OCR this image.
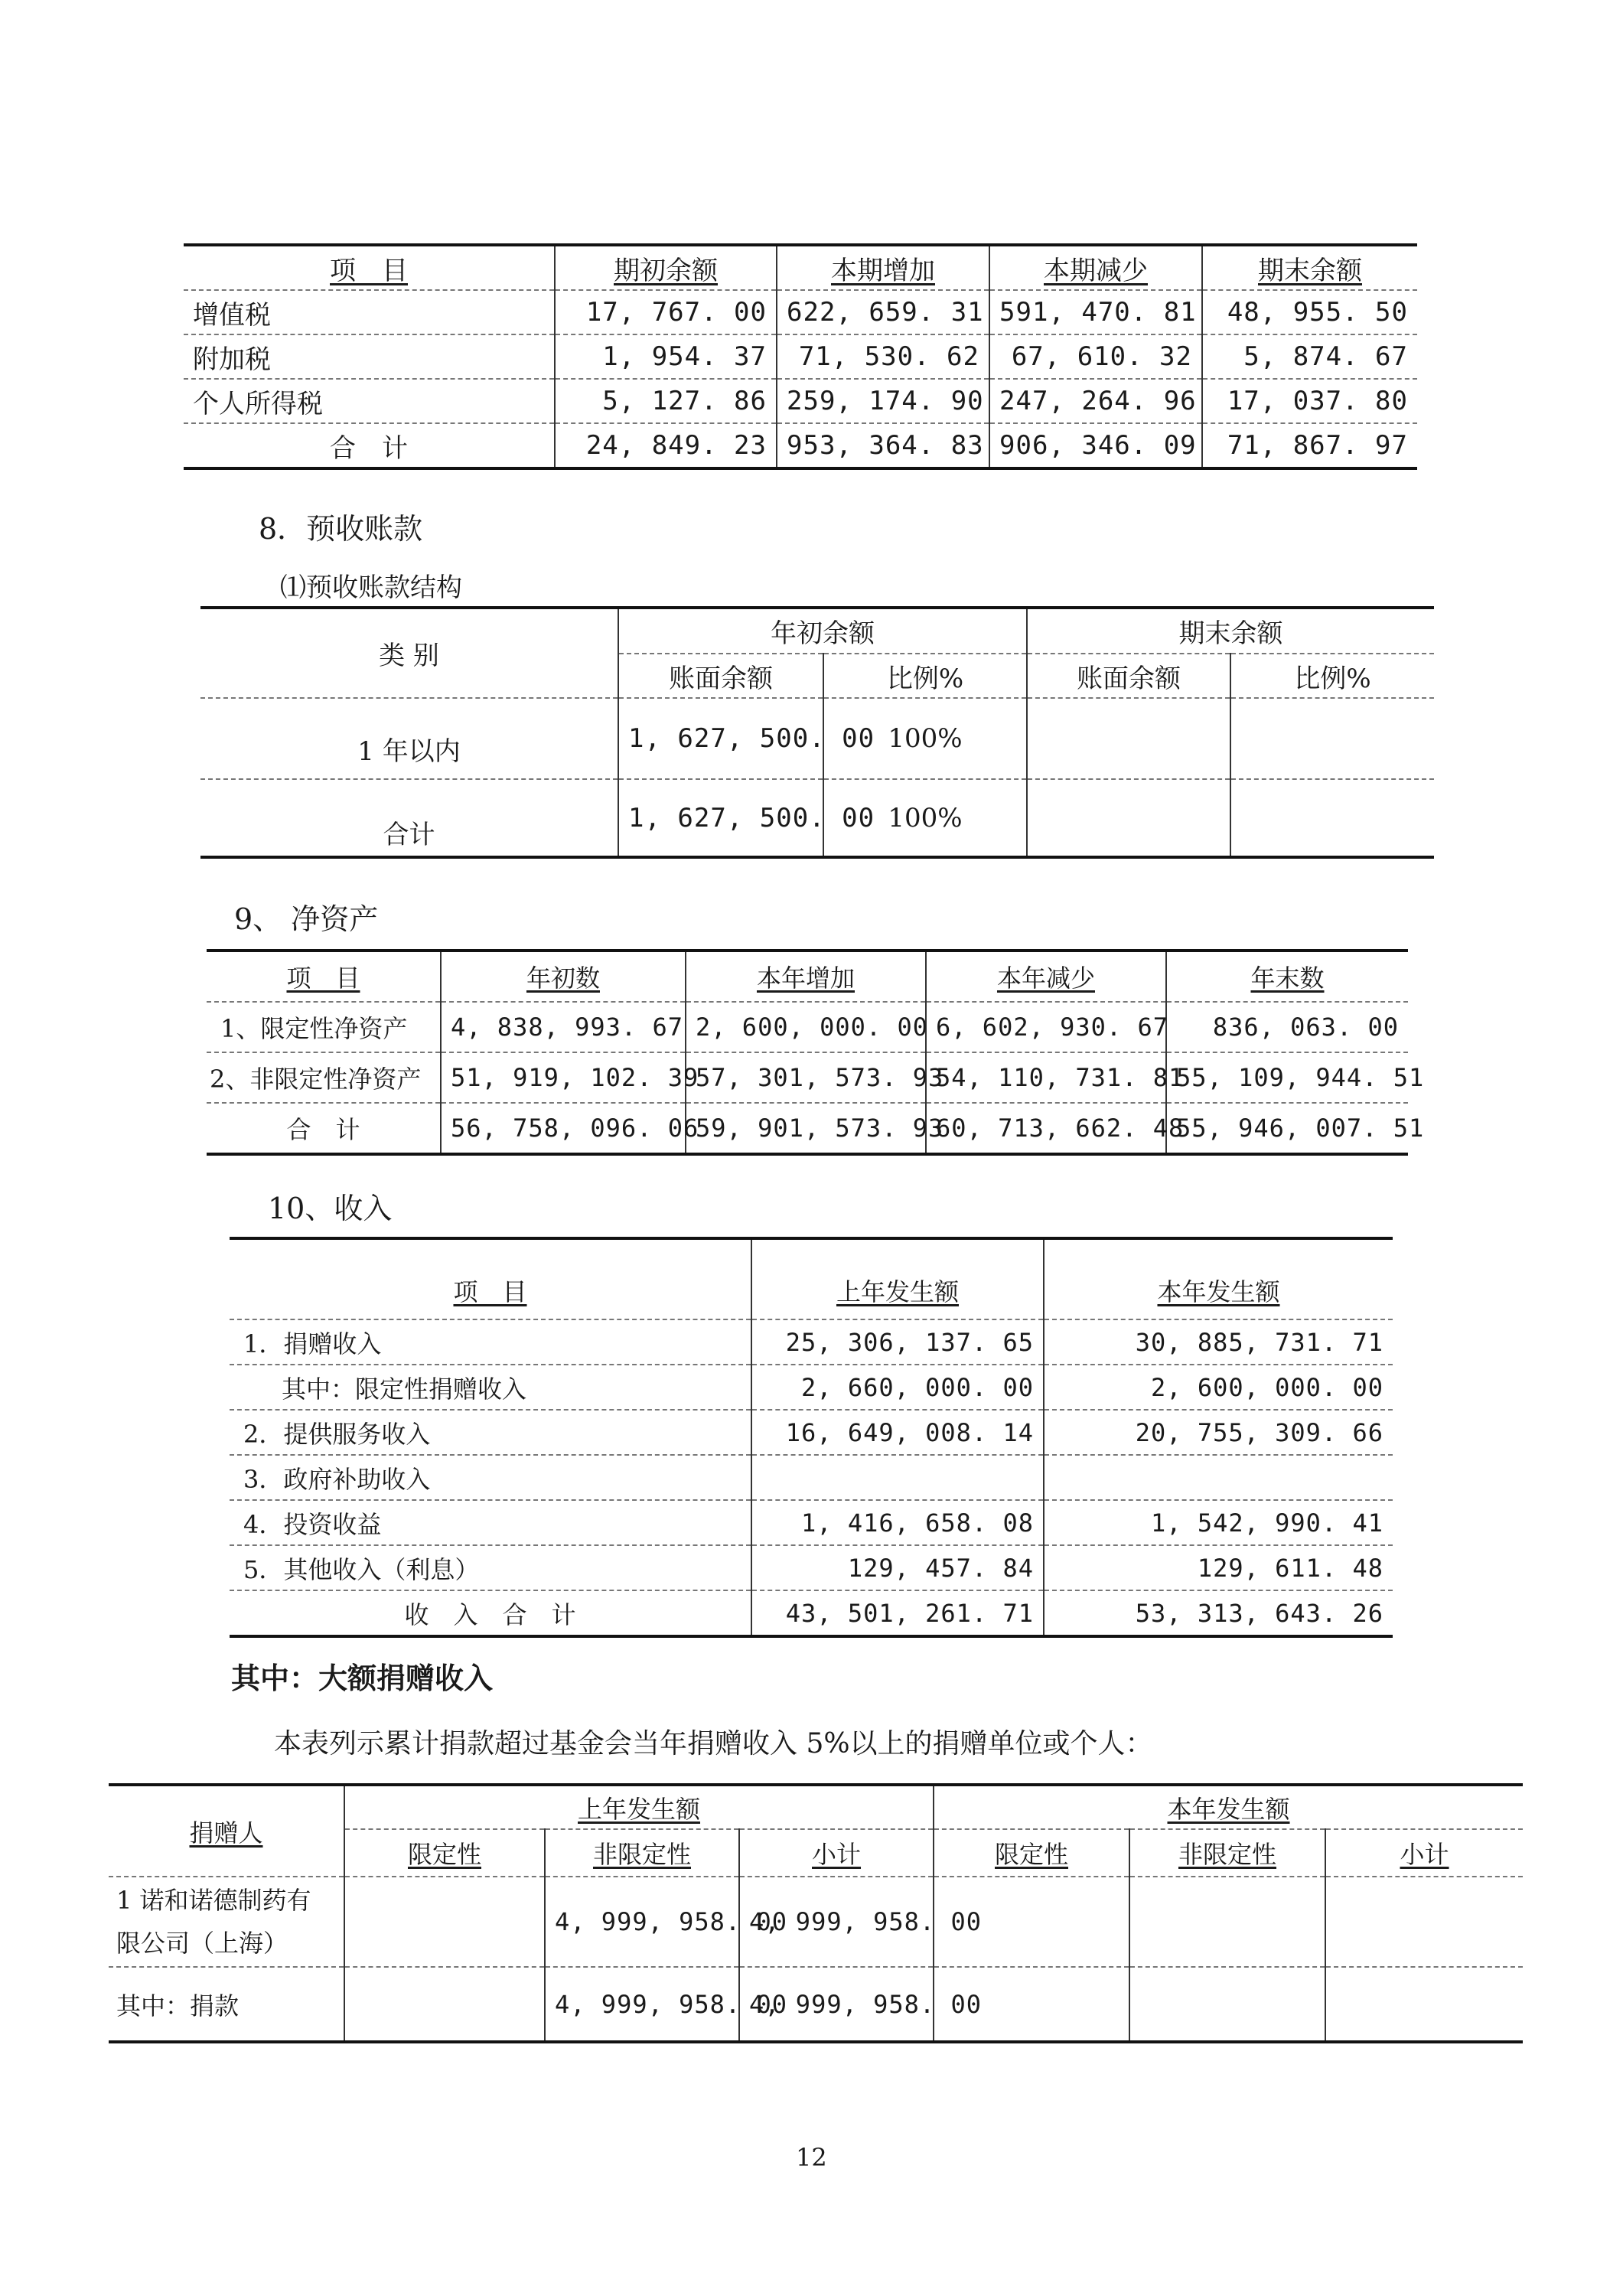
项　目	期初余额	本期增加	本期减少	期末余额
增值税	17, 767. 00	622, 659. 31	591, 470. 81	48, 955. 50
附加税	1, 954. 37	71, 530. 62	67, 610. 32	5, 874. 67
个人所得税	5, 127. 86	259, 174. 90	247, 264. 96	17, 037. 80
合　计	24, 849. 23	953, 364. 83	906, 346. 09	71, 867. 97
8．预收账款
⑴预收账款结构
类 别	年初余额		期末余额	
	账面余额	比例%	账面余额	比例%
1 年以内	1, 627, 500. 00	100%		
合计	1, 627, 500. 00	100%		
9、 净资产
项　目	年初数	本年增加	本年减少	年末数
1、限定性净资产	4, 838, 993. 67	2, 600, 000. 00	6, 602, 930. 67	836, 063. 00
2、非限定性净资产	51, 919, 102. 39	57, 301, 573. 93	54, 110, 731. 81	55, 109, 944. 51
合　计	56, 758, 096. 06	59, 901, 573. 93	60, 713, 662. 48	55, 946, 007. 51
10、收入
项　目	上年发生额	本年发生额
1．捐赠收入	25, 306, 137. 65	30, 885, 731. 71
其中：限定性捐赠收入	2, 660, 000. 00	2, 600, 000. 00
2．提供服务收入	16, 649, 008. 14	20, 755, 309. 66
3．政府补助收入		
4．投资收益	1, 416, 658. 08	1, 542, 990. 41
5．其他收入（利息）	129, 457. 84	129, 611. 48
收　入　合　计	43, 501, 261. 71	53, 313, 643. 26
其中：大额捐赠收入
本表列示累计捐款超过基金会当年捐赠收入 5%以上的捐赠单位或个人：
捐赠人	上年发生额			本年发生额		
	限定性	非限定性	小计	限定性	非限定性	小计

1 诺和诺德制药有
限公司（上海）		4, 999, 958. 00	4, 999, 958. 00			
其中：捐款		4, 999, 958. 00	4, 999, 958. 00			
12
